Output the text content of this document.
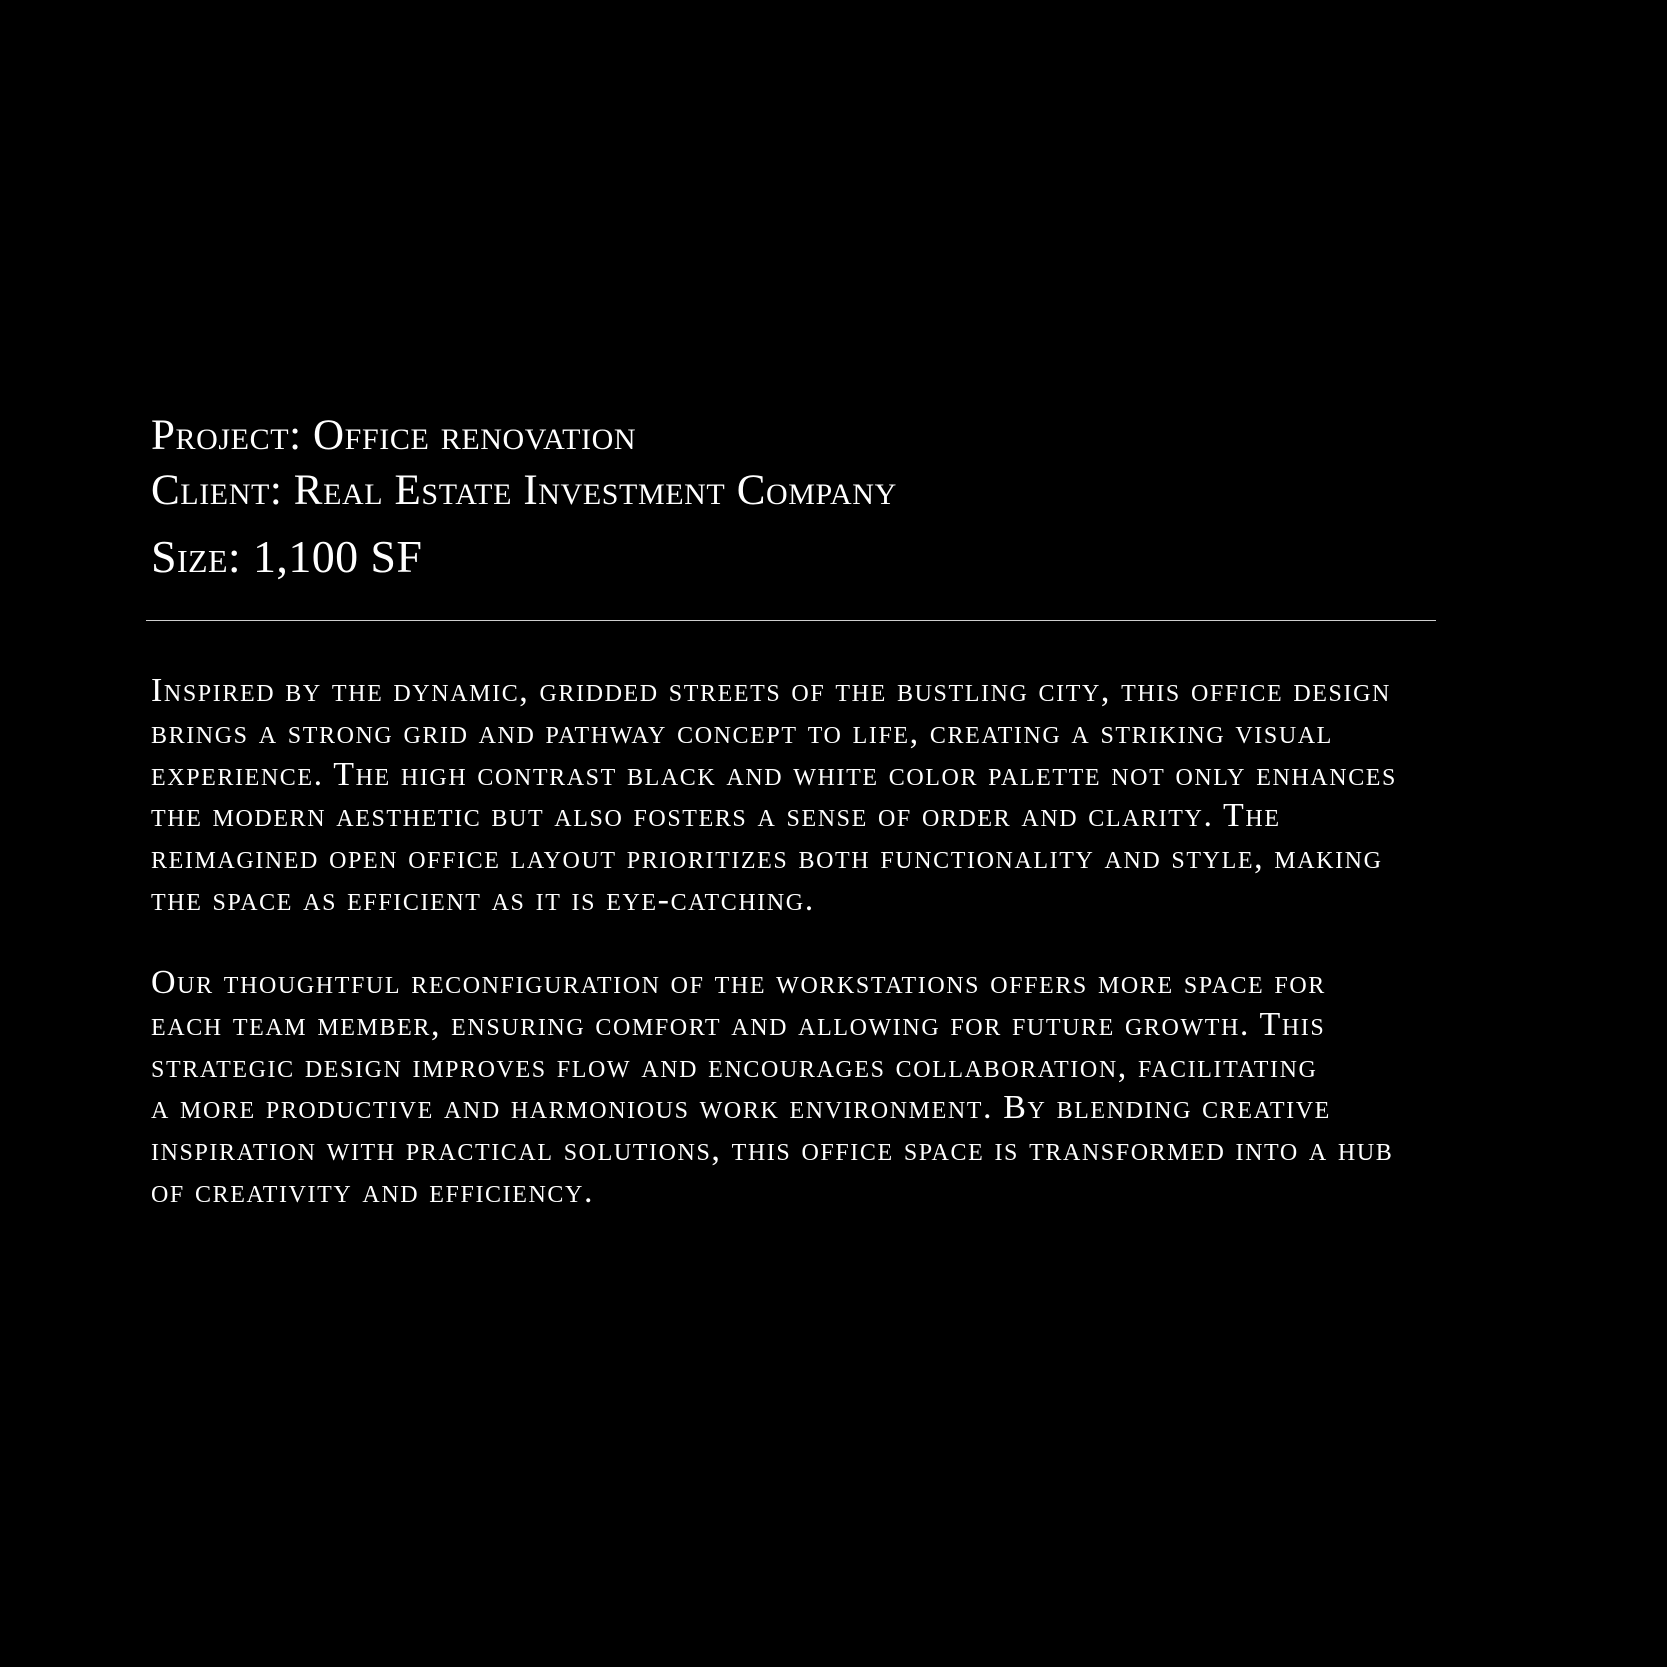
Project: Office renovation
Client: Real Estate Investment Company
Size: 1,100 SF
Inspired by the dynamic, gridded streets of the bustling city, this office design
brings a strong grid and pathway concept to life, creating a striking visual
experience. The high contrast black and white color palette not only enhances
the modern aesthetic but also fosters a sense of order and clarity. The
reimagined open office layout prioritizes both functionality and style, making
the space as efficient as it is eye-catching.
Our thoughtful reconfiguration of the workstations offers more space for
each team member, ensuring comfort and allowing for future growth. This
strategic design improves flow and encourages collaboration, facilitating
a more productive and harmonious work environment. By blending creative
inspiration with practical solutions, this office space is transformed into a hub
of creativity and efficiency.
